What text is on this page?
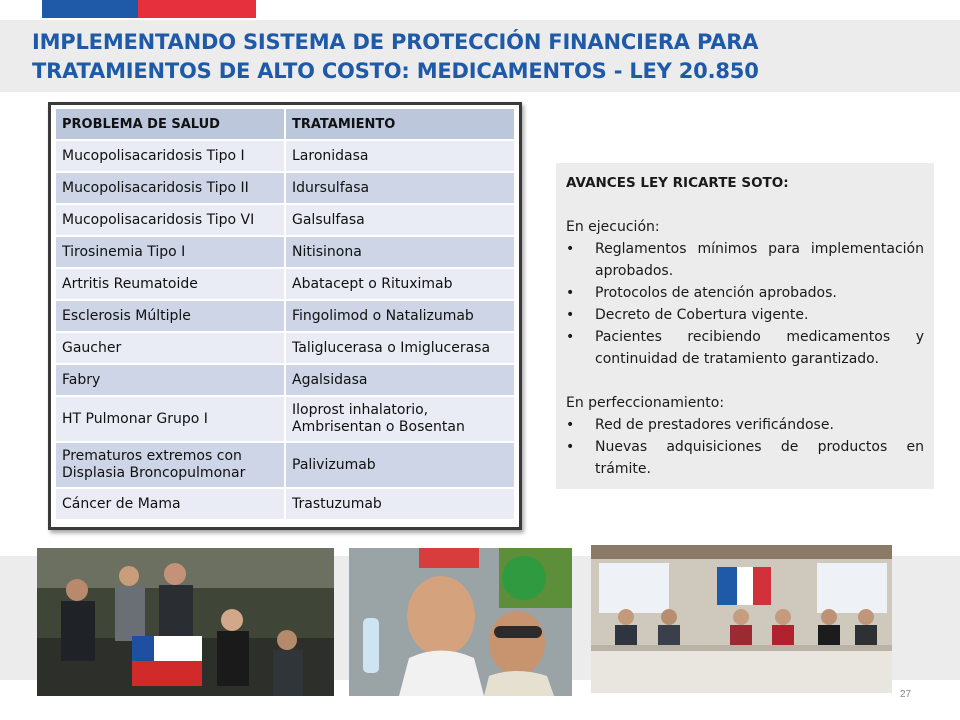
IMPLEMENTANDO SISTEMA DE PROTECCIÓN FINANCIERA PARA
TRATAMIENTOS DE ALTO COSTO: MEDICAMENTOS - LEY 20.850
PROBLEMA DE SALUD	TRATAMIENTO
Mucopolisacaridosis Tipo I	Laronidasa
Mucopolisacaridosis Tipo II	Idursulfasa
Mucopolisacaridosis Tipo VI	Galsulfasa
Tirosinemia Tipo I	Nitisinona
Artritis Reumatoide	Abatacept o Rituximab
Esclerosis Múltiple	Fingolimod o Natalizumab
Gaucher	Taliglucerasa o Imiglucerasa
Fabry	Agalsidasa
HT Pulmonar Grupo I	Iloprost inhalatorio, Ambrisentan o Bosentan
Prematuros extremos con Displasia Broncopulmonar	Palivizumab
Cáncer de Mama	Trastuzumab

AVANCES LEY RICARTE SOTO:

En ejecución:

• Reglamentos mínimos para implementación aprobados.
• Protocolos de atención aprobados.
• Decreto de Cobertura vigente.
• Pacientes recibiendo medicamentos y continuidad de tratamiento garantizado.

En perfeccionamiento:

• Red de prestadores verificándose.
• Nuevas adquisiciones de productos en trámite.
27
